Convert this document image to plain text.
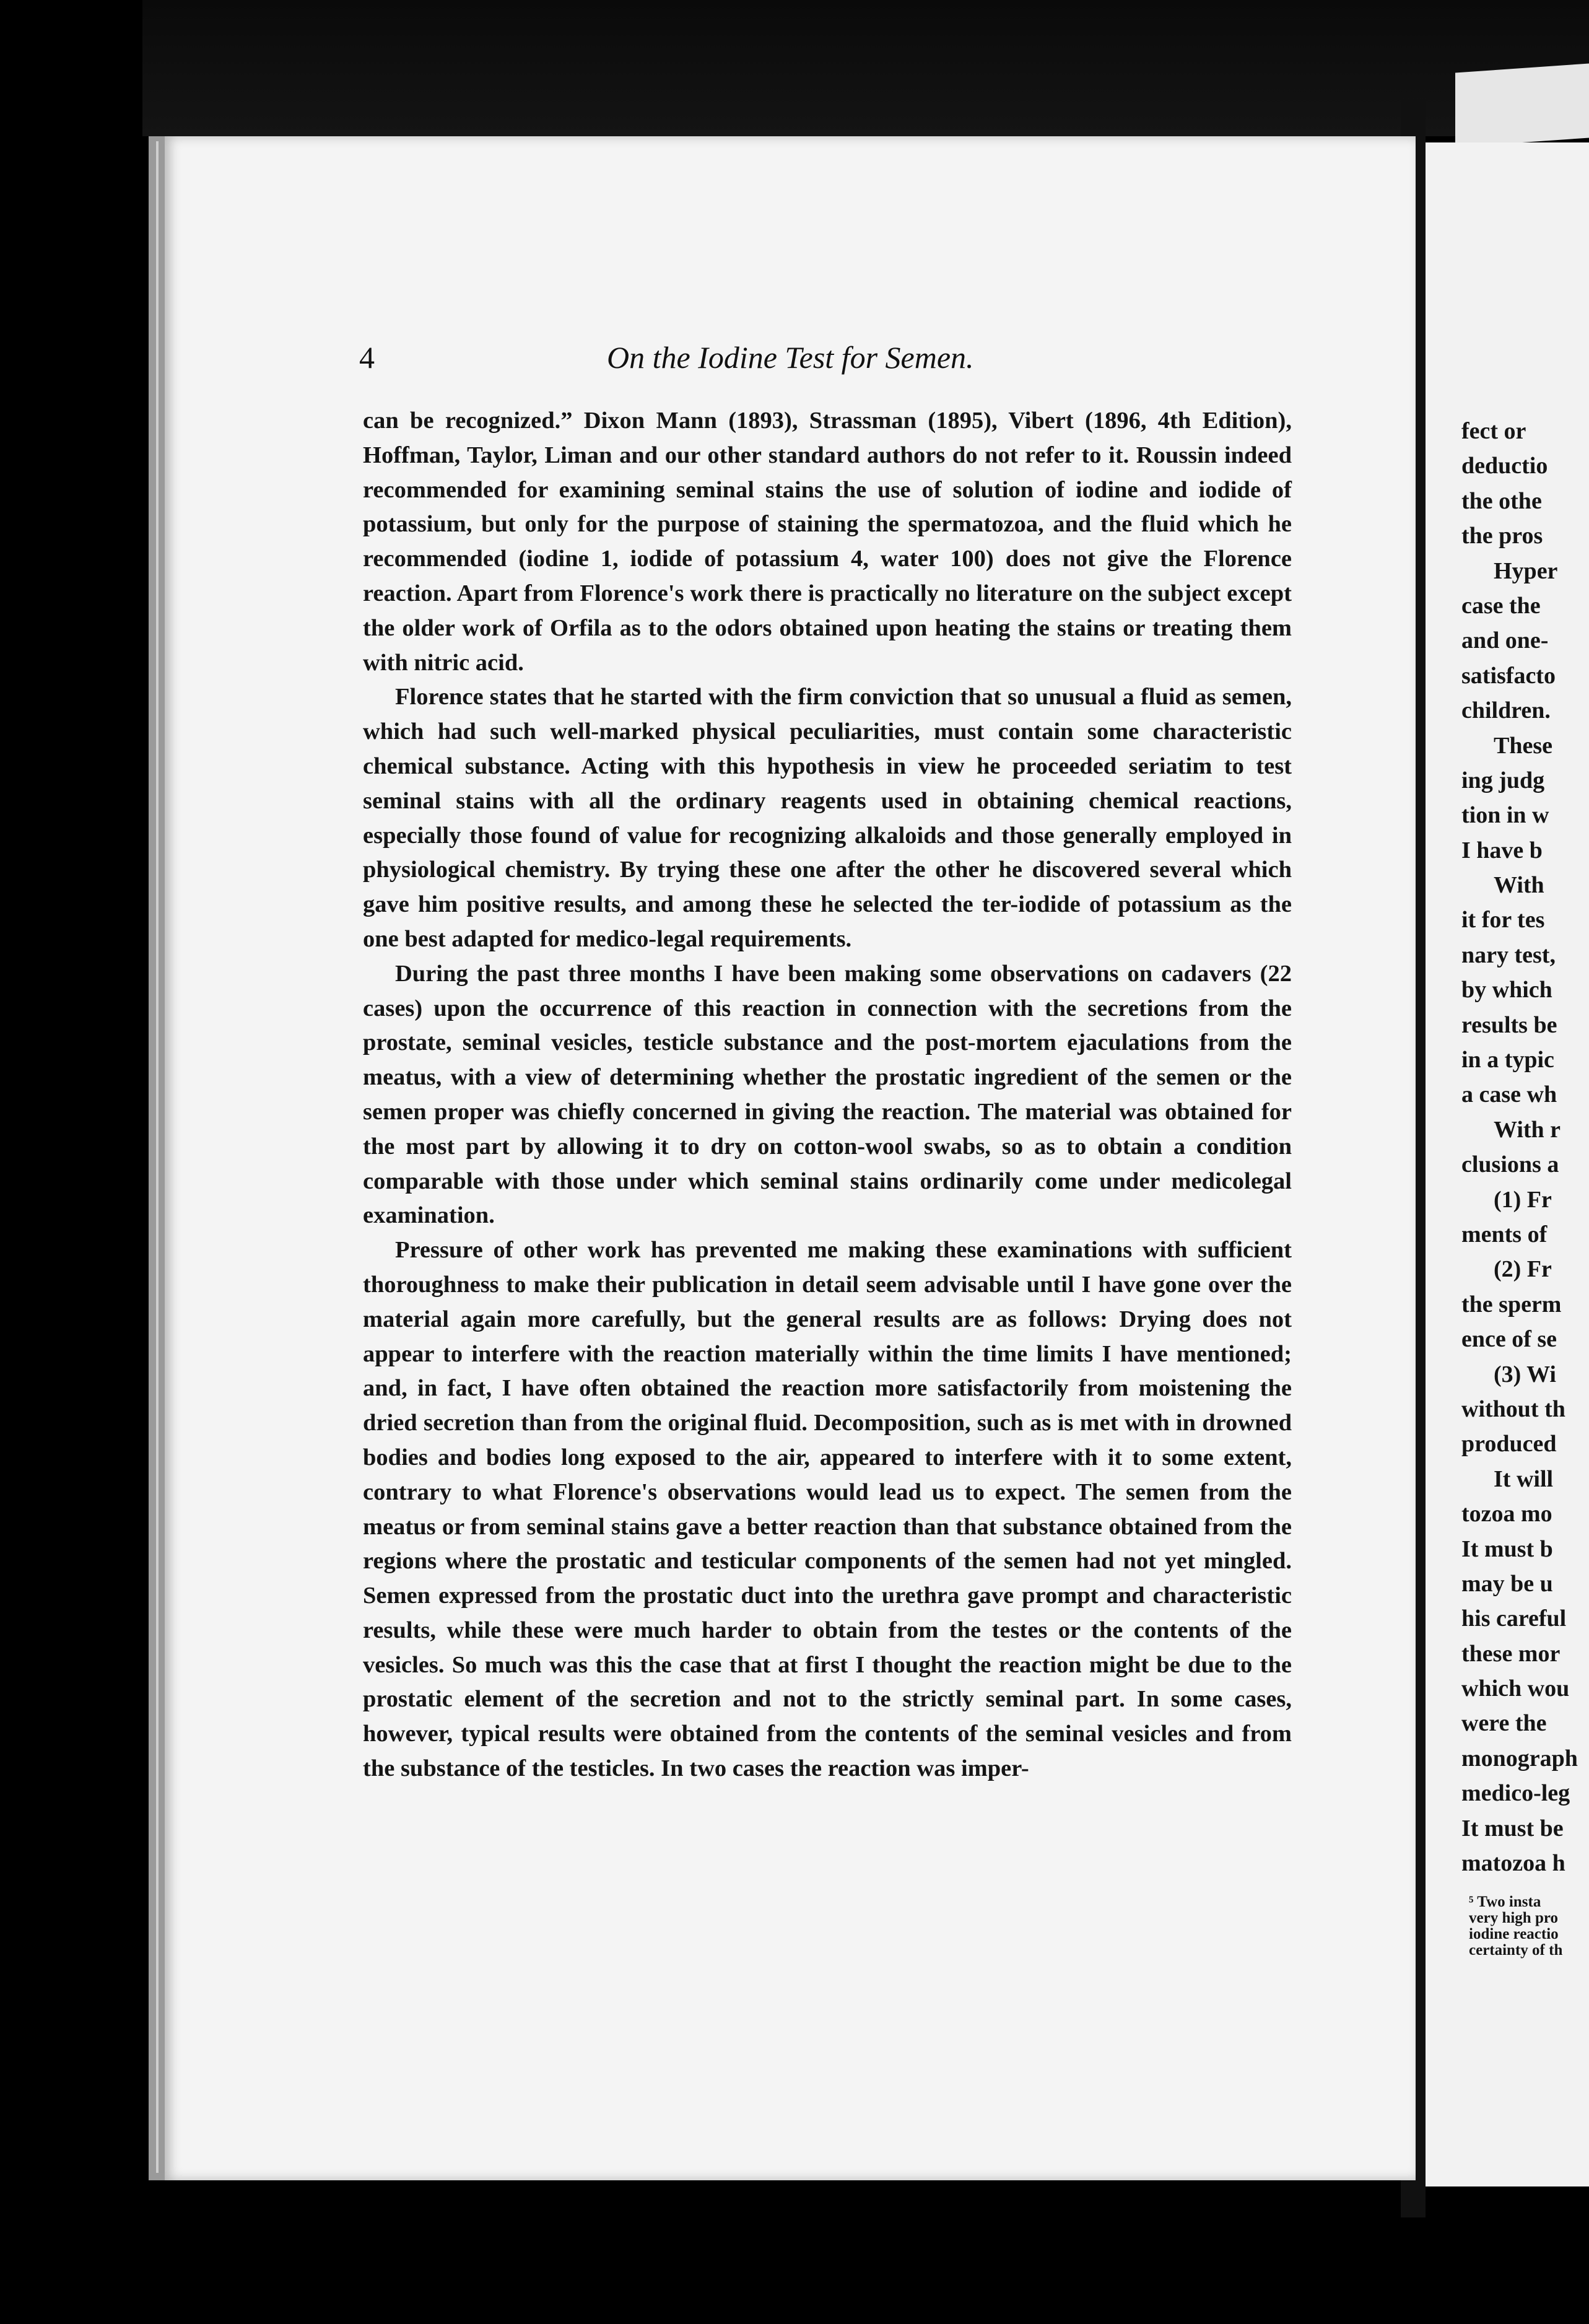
4	On the Iodine Test for Semen.

can be recognized.” Dixon Mann (1893), Strassman (1895), Vibert (1896, 4th Edition), Hoffman, Taylor, Liman and our other standard authors do not refer to it. Roussin indeed recommended for examining seminal stains the use of solution of iodine and iodide of potassium, but only for the purpose of staining the spermatozoa, and the fluid which he recommended (iodine 1, iodide of potassium 4, water 100) does not give the Florence reaction. Apart from Florence's work there is practically no literature on the subject except the older work of Orfila as to the odors obtained upon heating the stains or treating them with nitric acid.

Florence states that he started with the firm conviction that so unusual a fluid as semen, which had such well-marked physical peculiarities, must contain some characteristic chemical substance. Acting with this hypothesis in view he proceeded seriatim to test seminal stains with all the ordinary reagents used in obtaining chemical reactions, especially those found of value for recognizing alkaloids and those generally employed in physiological chemistry. By trying these one after the other he discovered several which gave him positive results, and among these he selected the ter-iodide of potassium as the one best adapted for medico-legal requirements.

During the past three months I have been making some observations on cadavers (22 cases) upon the occurrence of this reaction in connection with the secretions from the prostate, seminal vesicles, testicle substance and the post-mortem ejaculations from the meatus, with a view of determining whether the prostatic ingredient of the semen or the semen proper was chiefly concerned in giving the reaction. The material was obtained for the most part by allowing it to dry on cotton-wool swabs, so as to obtain a condition comparable with those under which seminal stains ordinarily come under medicolegal examination.

Pressure of other work has prevented me making these examinations with sufficient thoroughness to make their publication in detail seem advisable until I have gone over the material again more carefully, but the general results are as follows: Drying does not appear to interfere with the reaction materially within the time limits I have mentioned; and, in fact, I have often obtained the reaction more satisfactorily from moistening the dried secretion than from the original fluid. Decomposition, such as is met with in drowned bodies and bodies long exposed to the air, appeared to interfere with it to some extent, contrary to what Florence's observations would lead us to expect. The semen from the meatus or from seminal stains gave a better reaction than that substance obtained from the regions where the prostatic and testicular components of the semen had not yet mingled. Semen expressed from the prostatic duct into the urethra gave prompt and characteristic results, while these were much harder to obtain from the testes or the contents of the vesicles. So much was this the case that at first I thought the reaction might be due to the prostatic element of the secretion and not to the strictly seminal part. In some cases, however, typical results were obtained from the contents of the seminal vesicles and from the substance of the testicles. In two cases the reaction was imper-

fect or
deductio
the othe
the pros
Hyper
case the
and one-
satisfacto
children.
These
ing judg
tion in w
I have b
With
it for tes
nary test,
by which
results be
in a typic
a case wh
With r
clusions a
(1) Fr
ments of
(2) Fr
the sperm
ence of se
(3) Wi
without th
produced
It will
tozoa mo
It must b
may be u
his careful
these mor
which wou
were the
monograph
medico-leg
It must be
matozoa h
⁵ Two insta
very high pro
iodine reactio
certainty of th
